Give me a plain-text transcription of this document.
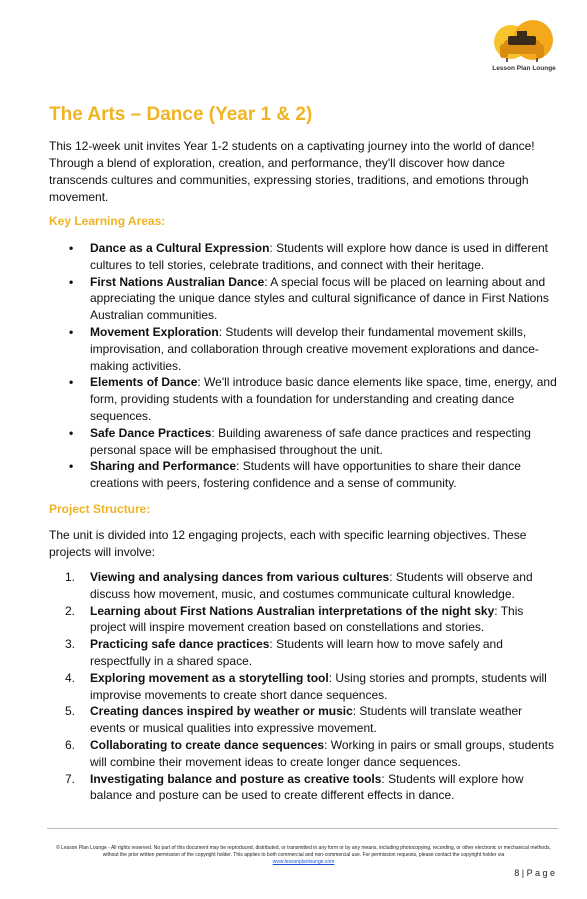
Lesson Plan Lounge
The Arts – Dance (Year 1 & 2)

This 12-week unit invites Year 1-2 students on a captivating journey into the world of dance! Through a blend of exploration, creation, and performance, they'll discover how dance transcends cultures and communities, expressing stories, traditions, and emotions through movement.

Key Learning Areas:
• Dance as a Cultural Expression: Students will explore how dance is used in different cultures to tell stories, celebrate traditions, and connect with their heritage.
• First Nations Australian Dance: A special focus will be placed on learning about and appreciating the unique dance styles and cultural significance of dance in First Nations Australian communities.
• Movement Exploration: Students will develop their fundamental movement skills, improvisation, and collaboration through creative movement explorations and dance-making activities.
• Elements of Dance: We'll introduce basic dance elements like space, time, energy, and form, providing students with a foundation for understanding and creating dance sequences.
• Safe Dance Practices: Building awareness of safe dance practices and respecting personal space will be emphasised throughout the unit.
• Sharing and Performance: Students will have opportunities to share their dance creations with peers, fostering confidence and a sense of community.
Project Structure:

The unit is divided into 12 engaging projects, each with specific learning objectives. These projects will involve:

1. Viewing and analysing dances from various cultures: Students will observe and discuss how movement, music, and costumes communicate cultural knowledge.
2. Learning about First Nations Australian interpretations of the night sky: This project will inspire movement creation based on constellations and stories.
3. Practicing safe dance practices: Students will learn how to move safely and respectfully in a shared space.
4. Exploring movement as a storytelling tool: Using stories and prompts, students will improvise movements to create short dance sequences.
5. Creating dances inspired by weather or music: Students will translate weather events or musical qualities into expressive movement.
6. Collaborating to create dance sequences: Working in pairs or small groups, students will combine their movement ideas to create longer dance sequences.
7. Investigating balance and posture as creative tools: Students will explore how balance and posture can be used to create different effects in dance.
© Lesson Plan Lounge - All rights reserved. No part of this document may be reproduced, distributed, or transmitted in any form or by any means, including photocopying, recording, or other electronic or mechanical methods, without the prior written permission of the copyright holder. This applies to both commercial and non-commercial use. For permission requests, please contact the copyright holder via
www.lessonplanlounge.com
8 | P a g e
